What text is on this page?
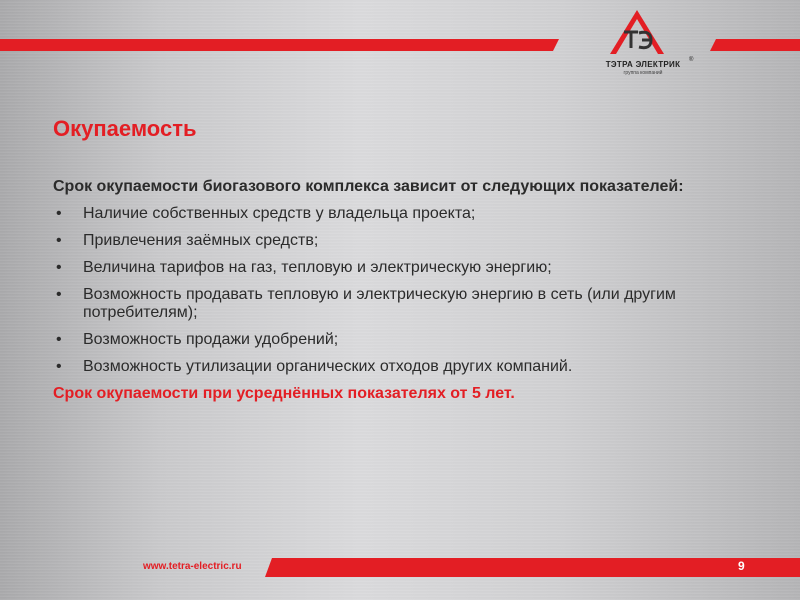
ТЭТРА ЭЛЕКТРИК	®
группа компаний
Окупаемость

Срок окупаемости биогазового комплекса зависит от следующих показателей:

• Наличие собственных средств у владельца проекта;
• Привлечения заёмных средств;
• Величина тарифов на газ, тепловую и электрическую энергию;
• Возможность продавать тепловую и электрическую энергию в сеть (или другим потребителям);
• Возможность продажи удобрений;
• Возможность утилизации органических отходов других компаний.

Срок окупаемости при усреднённых показателях от 5 лет.

www.tetra-electric.ru	9
